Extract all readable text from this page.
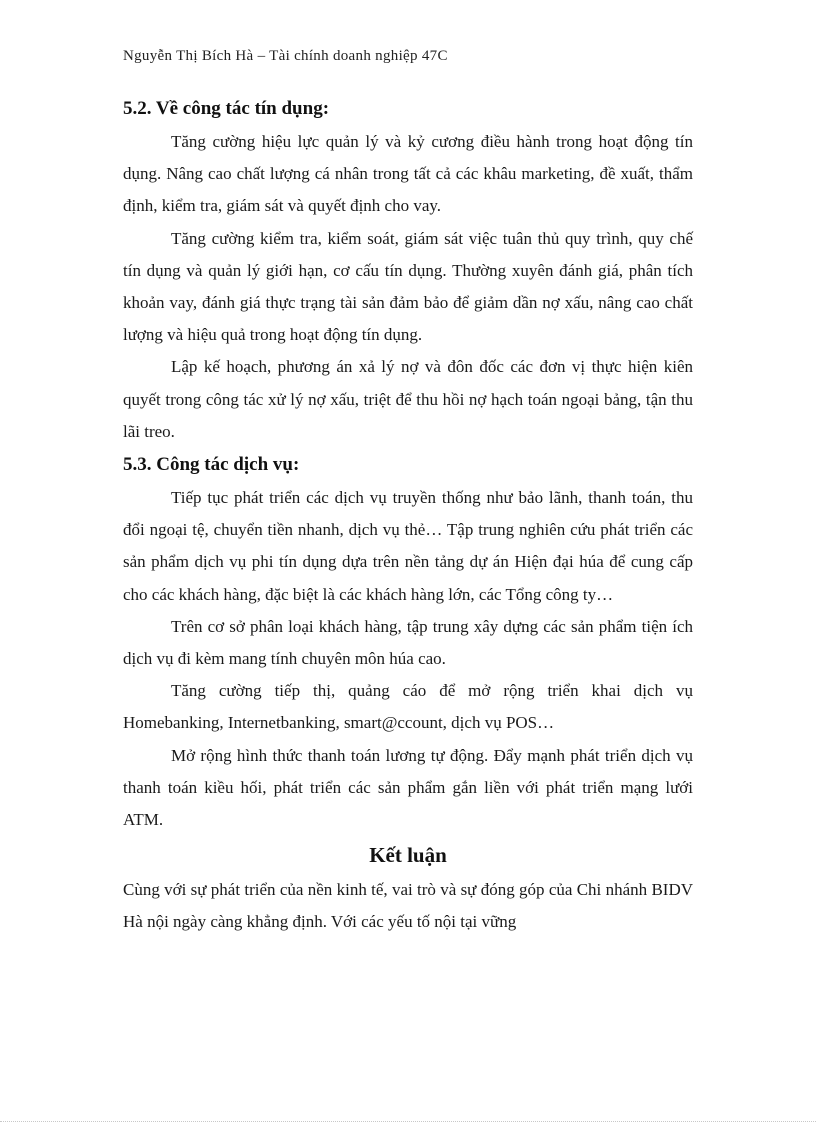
Nguyễn Thị Bích Hà – Tài chính doanh nghiệp 47C
5.2. Về công tác tín dụng:

Tăng cường hiệu lực quản lý và kỷ cương điều hành trong hoạt động tín dụng. Nâng cao chất lượng cá nhân trong tất cả các khâu marketing, đề xuất, thẩm định, kiểm tra, giám sát và quyết định cho vay.

Tăng cường kiểm tra, kiểm soát, giám sát việc tuân thủ quy trình, quy chế tín dụng và quản lý giới hạn, cơ cấu tín dụng. Thường xuyên đánh giá, phân tích khoản vay, đánh giá thực trạng tài sản đảm bảo để giảm dần nợ xấu, nâng cao chất lượng và hiệu quả trong hoạt động tín dụng.

Lập kế hoạch, phương án xả lý nợ và đôn đốc các đơn vị thực hiện kiên quyết trong công tác xử lý nợ xấu, triệt để thu hồi nợ hạch toán ngoại bảng, tận thu lãi treo.

5.3. Công tác dịch vụ:

Tiếp tục phát triển các dịch vụ truyền thống như bảo lãnh, thanh toán, thu đổi ngoại tệ, chuyển tiền nhanh, dịch vụ thẻ… Tập trung nghiên cứu phát triển các sản phẩm dịch vụ phi tín dụng dựa trên nền tảng dự án Hiện đại húa để cung cấp cho các khách hàng, đặc biệt là các khách hàng lớn, các Tổng công ty…

Trên cơ sở phân loại khách hàng, tập trung xây dựng các sản phẩm tiện ích dịch vụ đi kèm mang tính chuyên môn húa cao.

Tăng cường tiếp thị, quảng cáo để mở rộng triển khai dịch vụ Homebanking, Internetbanking, smart@ccount, dịch vụ POS…

Mở rộng hình thức thanh toán lương tự động. Đẩy mạnh phát triển dịch vụ thanh toán kiều hối, phát triển các sản phẩm gắn liền với phát triển mạng lưới ATM.

Kết luận

Cùng với sự phát triển của nền kinh tế, vai trò và sự đóng góp của Chi nhánh BIDV Hà nội ngày càng khẳng định. Với các yếu tố nội tại vững
